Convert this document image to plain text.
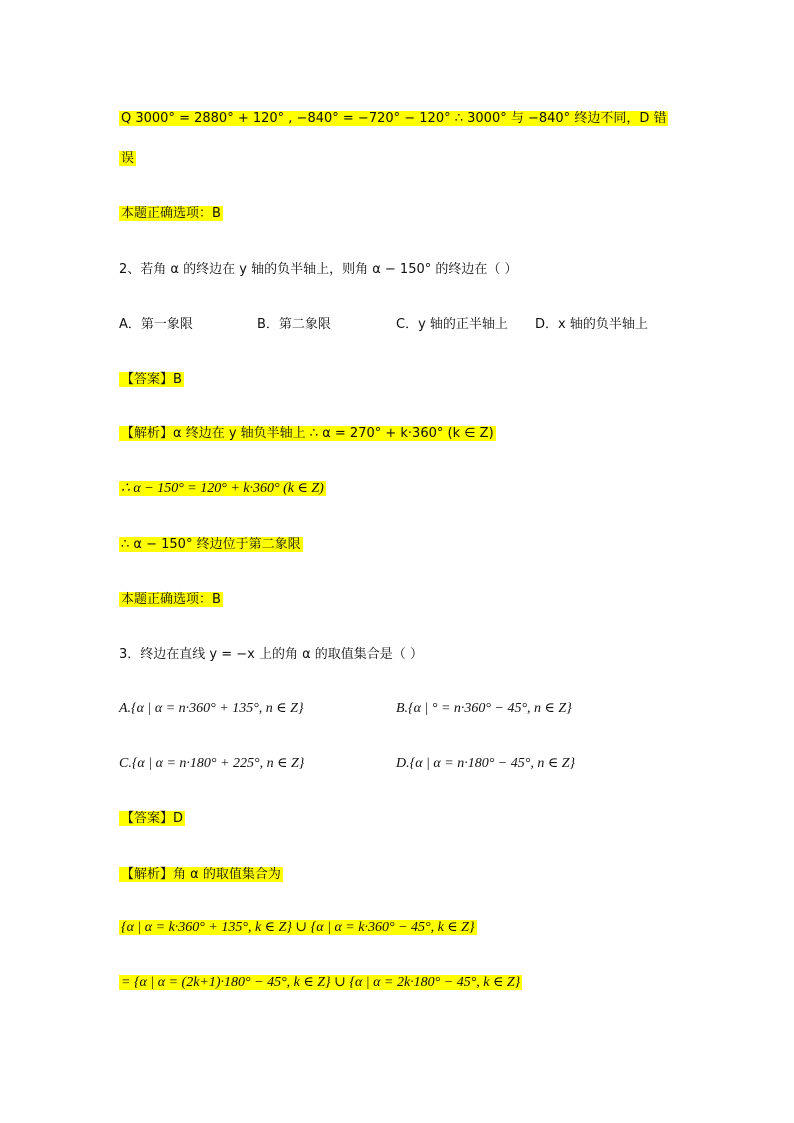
Q 3000° = 2880° + 120° , −840° = −720° − 120° ∴ 3000° 与 −840° 终边不同，D 错
误
本题正确选项：B
2、若角 α 的终边在 y 轴的负半轴上，则角 α − 150° 的终边在（ ）
A．第一象限	B．第二象限	C．y 轴的正半轴上 D．x 轴的负半轴上
【答案】B
【解析】α 终边在 y 轴负半轴上 ∴ α = 270° + k·360° (k ∈ Z)
∴ α − 150° = 120° + k·360° (k ∈ Z)
∴ α − 150° 终边位于第二象限
本题正确选项：B
3．终边在直线 y = −x 上的角 α 的取值集合是（ ）
A.{α | α = n·360° + 135°, n ∈ Z}	B.{α | ° = n·360° − 45°, n ∈ Z}
C.{α | α = n·180° + 225°, n ∈ Z}	D.{α | α = n·180° − 45°, n ∈ Z}
【答案】D
【解析】角 α 的取值集合为
{α | α = k·360° + 135°, k ∈ Z} ∪ {α | α = k·360° − 45°, k ∈ Z}
= {α | α = (2k+1)·180° − 45°, k ∈ Z} ∪ {α | α = 2k·180° − 45°, k ∈ Z}
